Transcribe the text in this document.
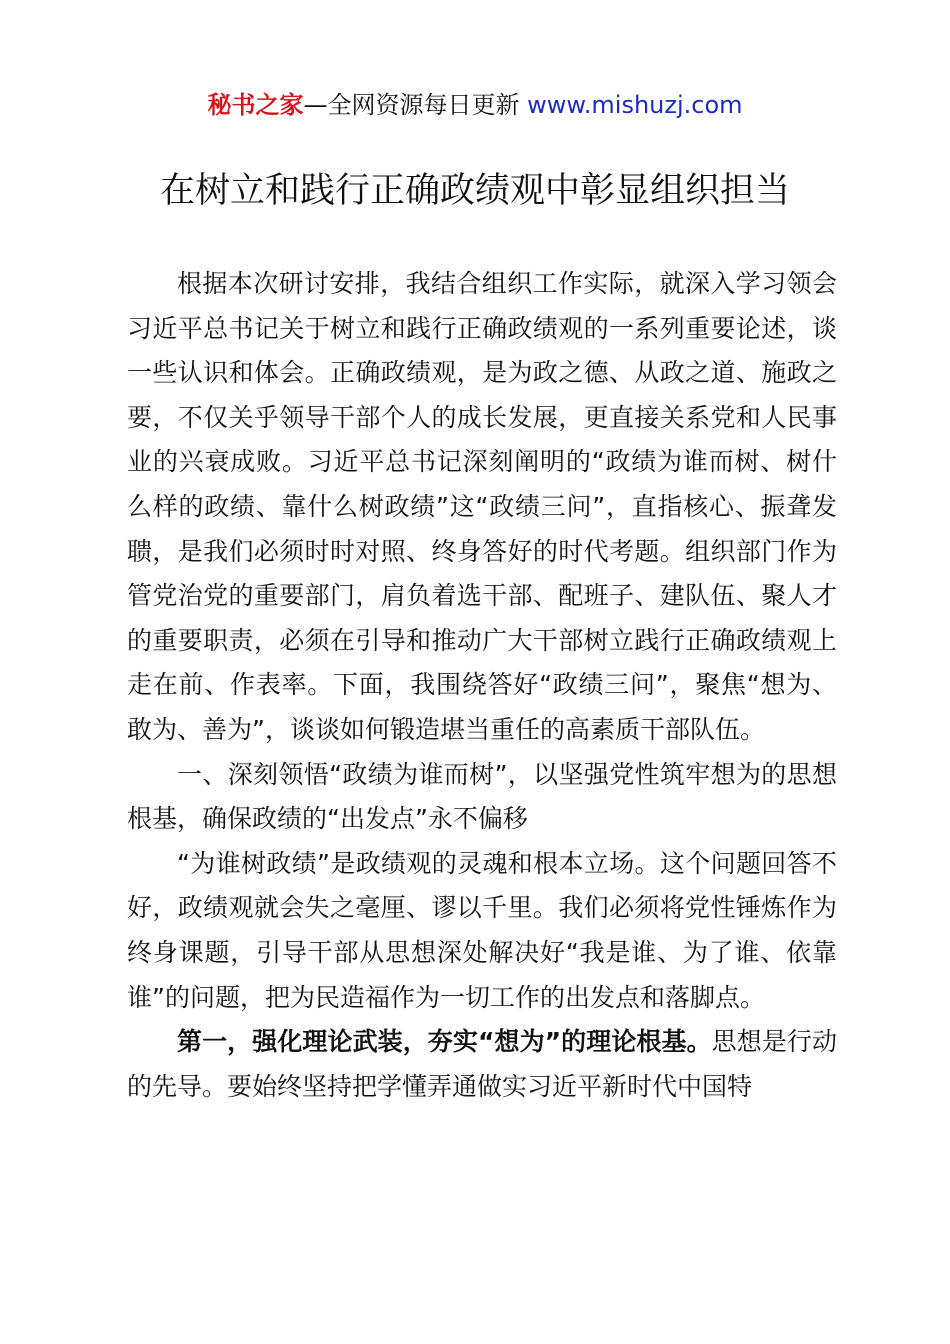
秘书之家—全网资源每日更新 www.mishuzj.com
在树立和践行正确政绩观中彰显组织担当

根据本次研讨安排，我结合组织工作实际，就深入学习领会习近平总书记关于树立和践行正确政绩观的一系列重要论述，谈一些认识和体会。正确政绩观，是为政之德、从政之道、施政之要，不仅关乎领导干部个人的成长发展，更直接关系党和人民事业的兴衰成败。习近平总书记深刻阐明的“政绩为谁而树、树什么样的政绩、靠什么树政绩”这“政绩三问”，直指核心、振聋发聩，是我们必须时时对照、终身答好的时代考题。组织部门作为管党治党的重要部门，肩负着选干部、配班子、建队伍、聚人才的重要职责，必须在引导和推动广大干部树立践行正确政绩观上走在前、作表率。下面，我围绕答好“政绩三问”，聚焦“想为、敢为、善为”，谈谈如何锻造堪当重任的高素质干部队伍。

一、深刻领悟“政绩为谁而树”，以坚强党性筑牢想为的思想根基，确保政绩的“出发点”永不偏移

“为谁树政绩”是政绩观的灵魂和根本立场。这个问题回答不好，政绩观就会失之毫厘、谬以千里。我们必须将党性锤炼作为终身课题，引导干部从思想深处解决好“我是谁、为了谁、依靠谁”的问题，把为民造福作为一切工作的出发点和落脚点。

第一，强化理论武装，夯实“想为”的理论根基。思想是行动的先导。要始终坚持把学懂弄通做实习近平新时代中国特
